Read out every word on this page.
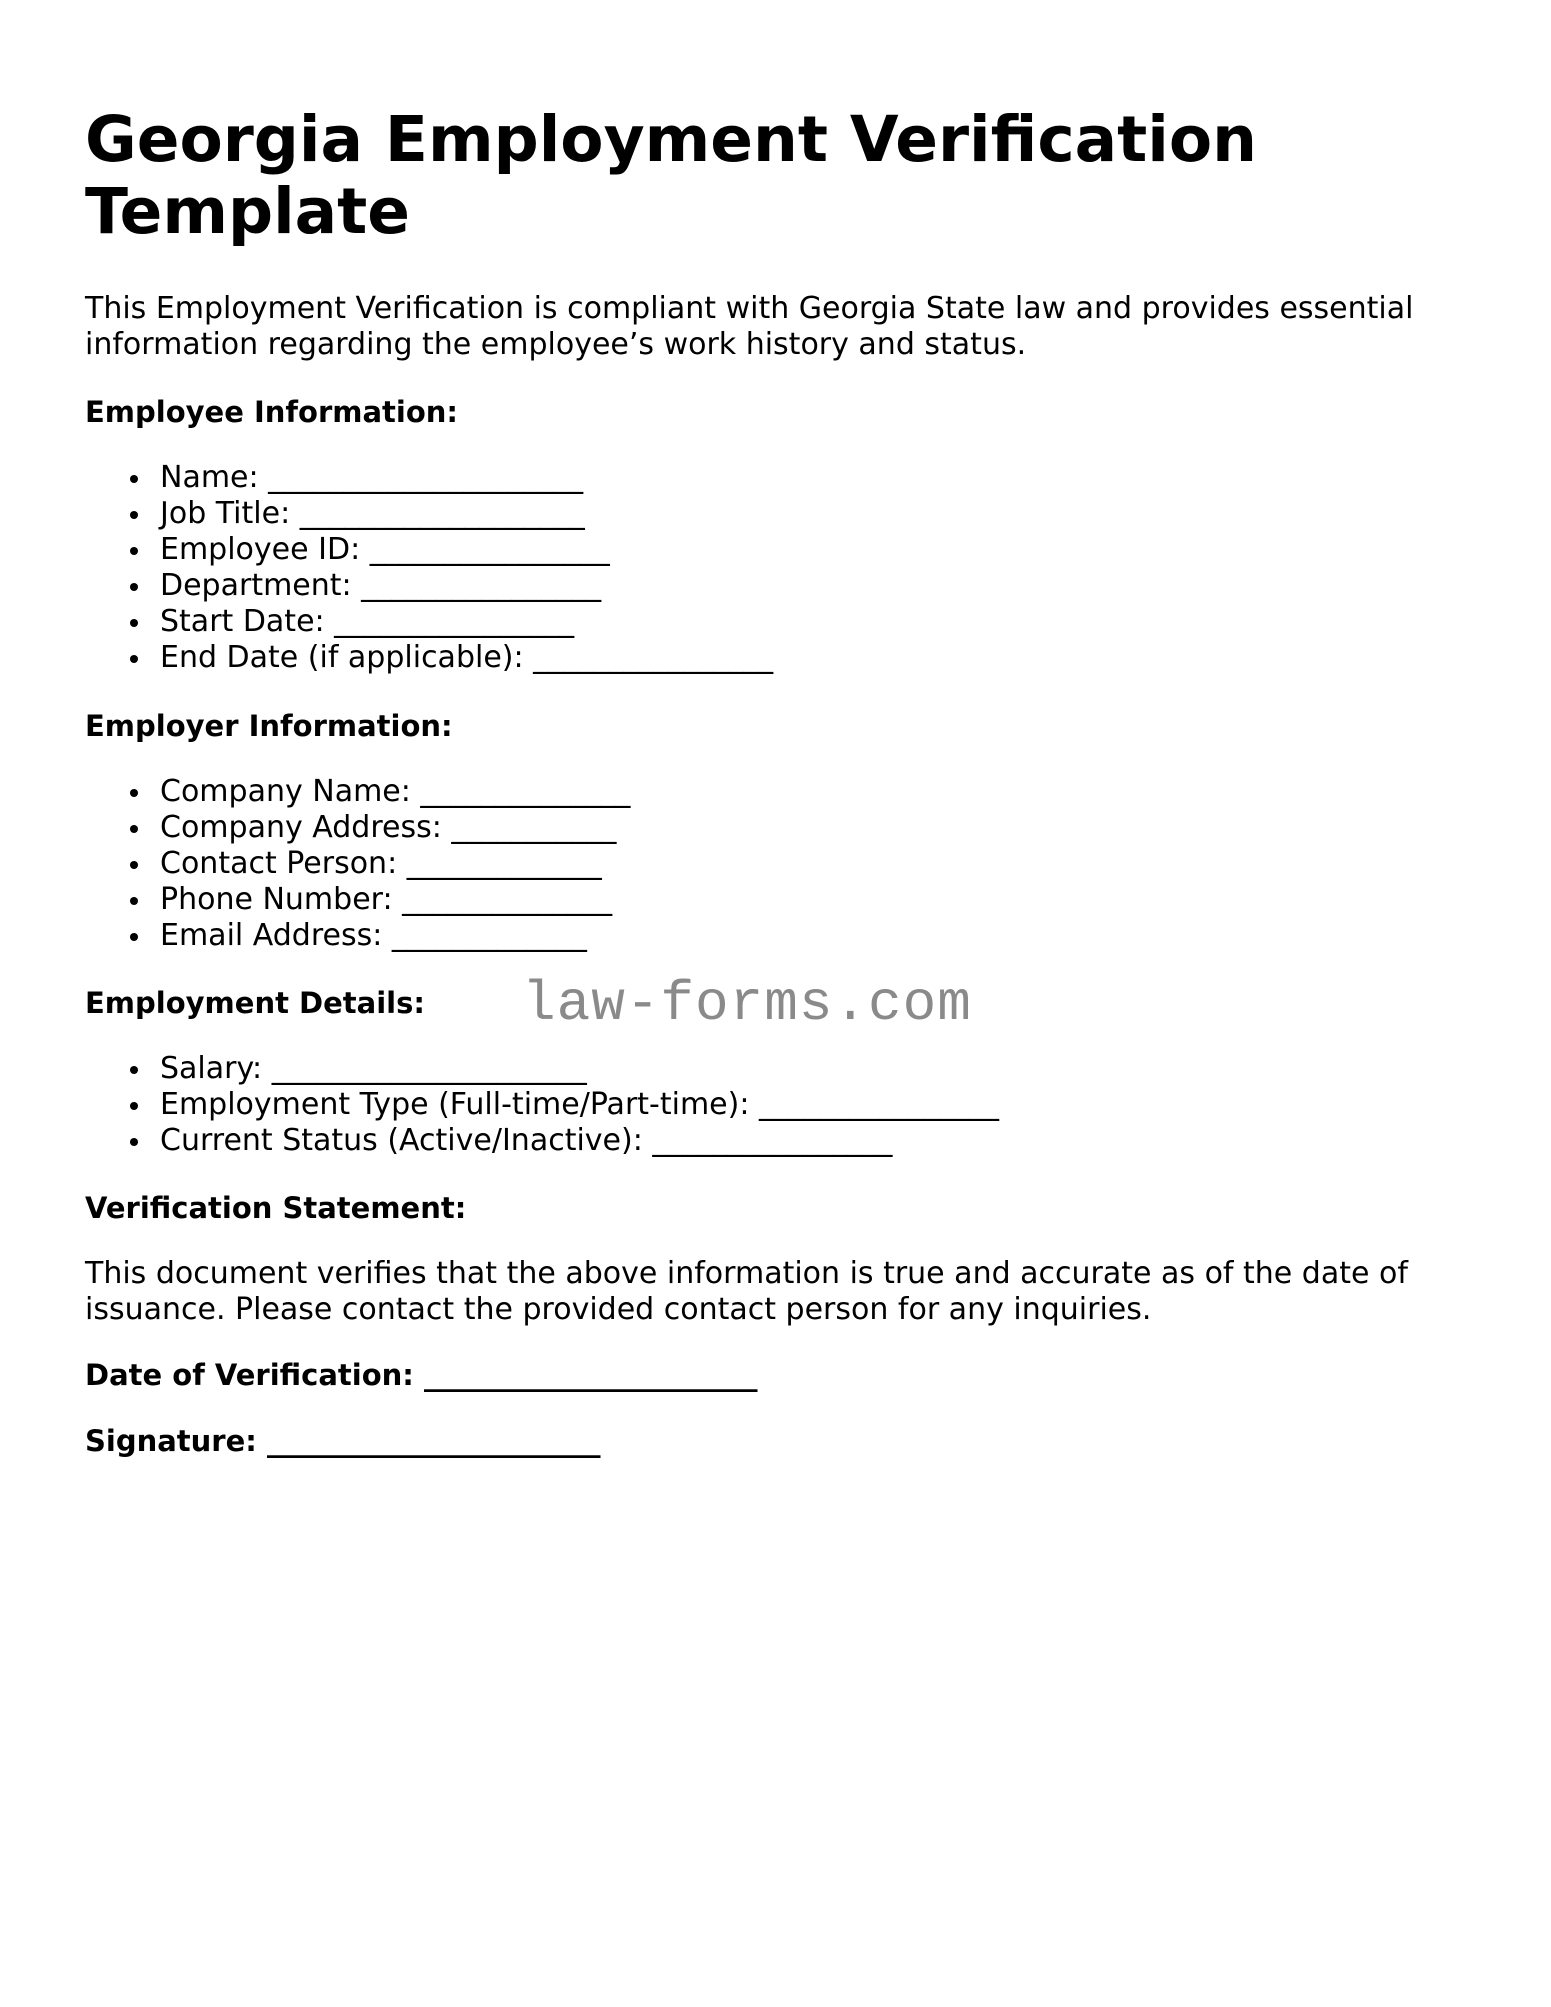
Georgia Employment Verification Template

This Employment Verification is compliant with Georgia State law and provides essential information regarding the employee’s work history and status.

Employee Information:

Name: _____________________
Job Title: ___________________
Employee ID: ________________
Department: ________________
Start Date: ________________
End Date (if applicable): ________________

Employer Information:

Company Name: ______________
Company Address: ___________
Contact Person: _____________
Phone Number: ______________
Email Address: _____________

Employment Details:

Salary: _____________________
Employment Type (Full-time/Part-time): ________________
Current Status (Active/Inactive): ________________

Verification Statement:

This document verifies that the above information is true and accurate as of the date of issuance. Please contact the provided contact person for any inquiries.

Date of Verification: _______________________

Signature: _______________________

law-forms.com
